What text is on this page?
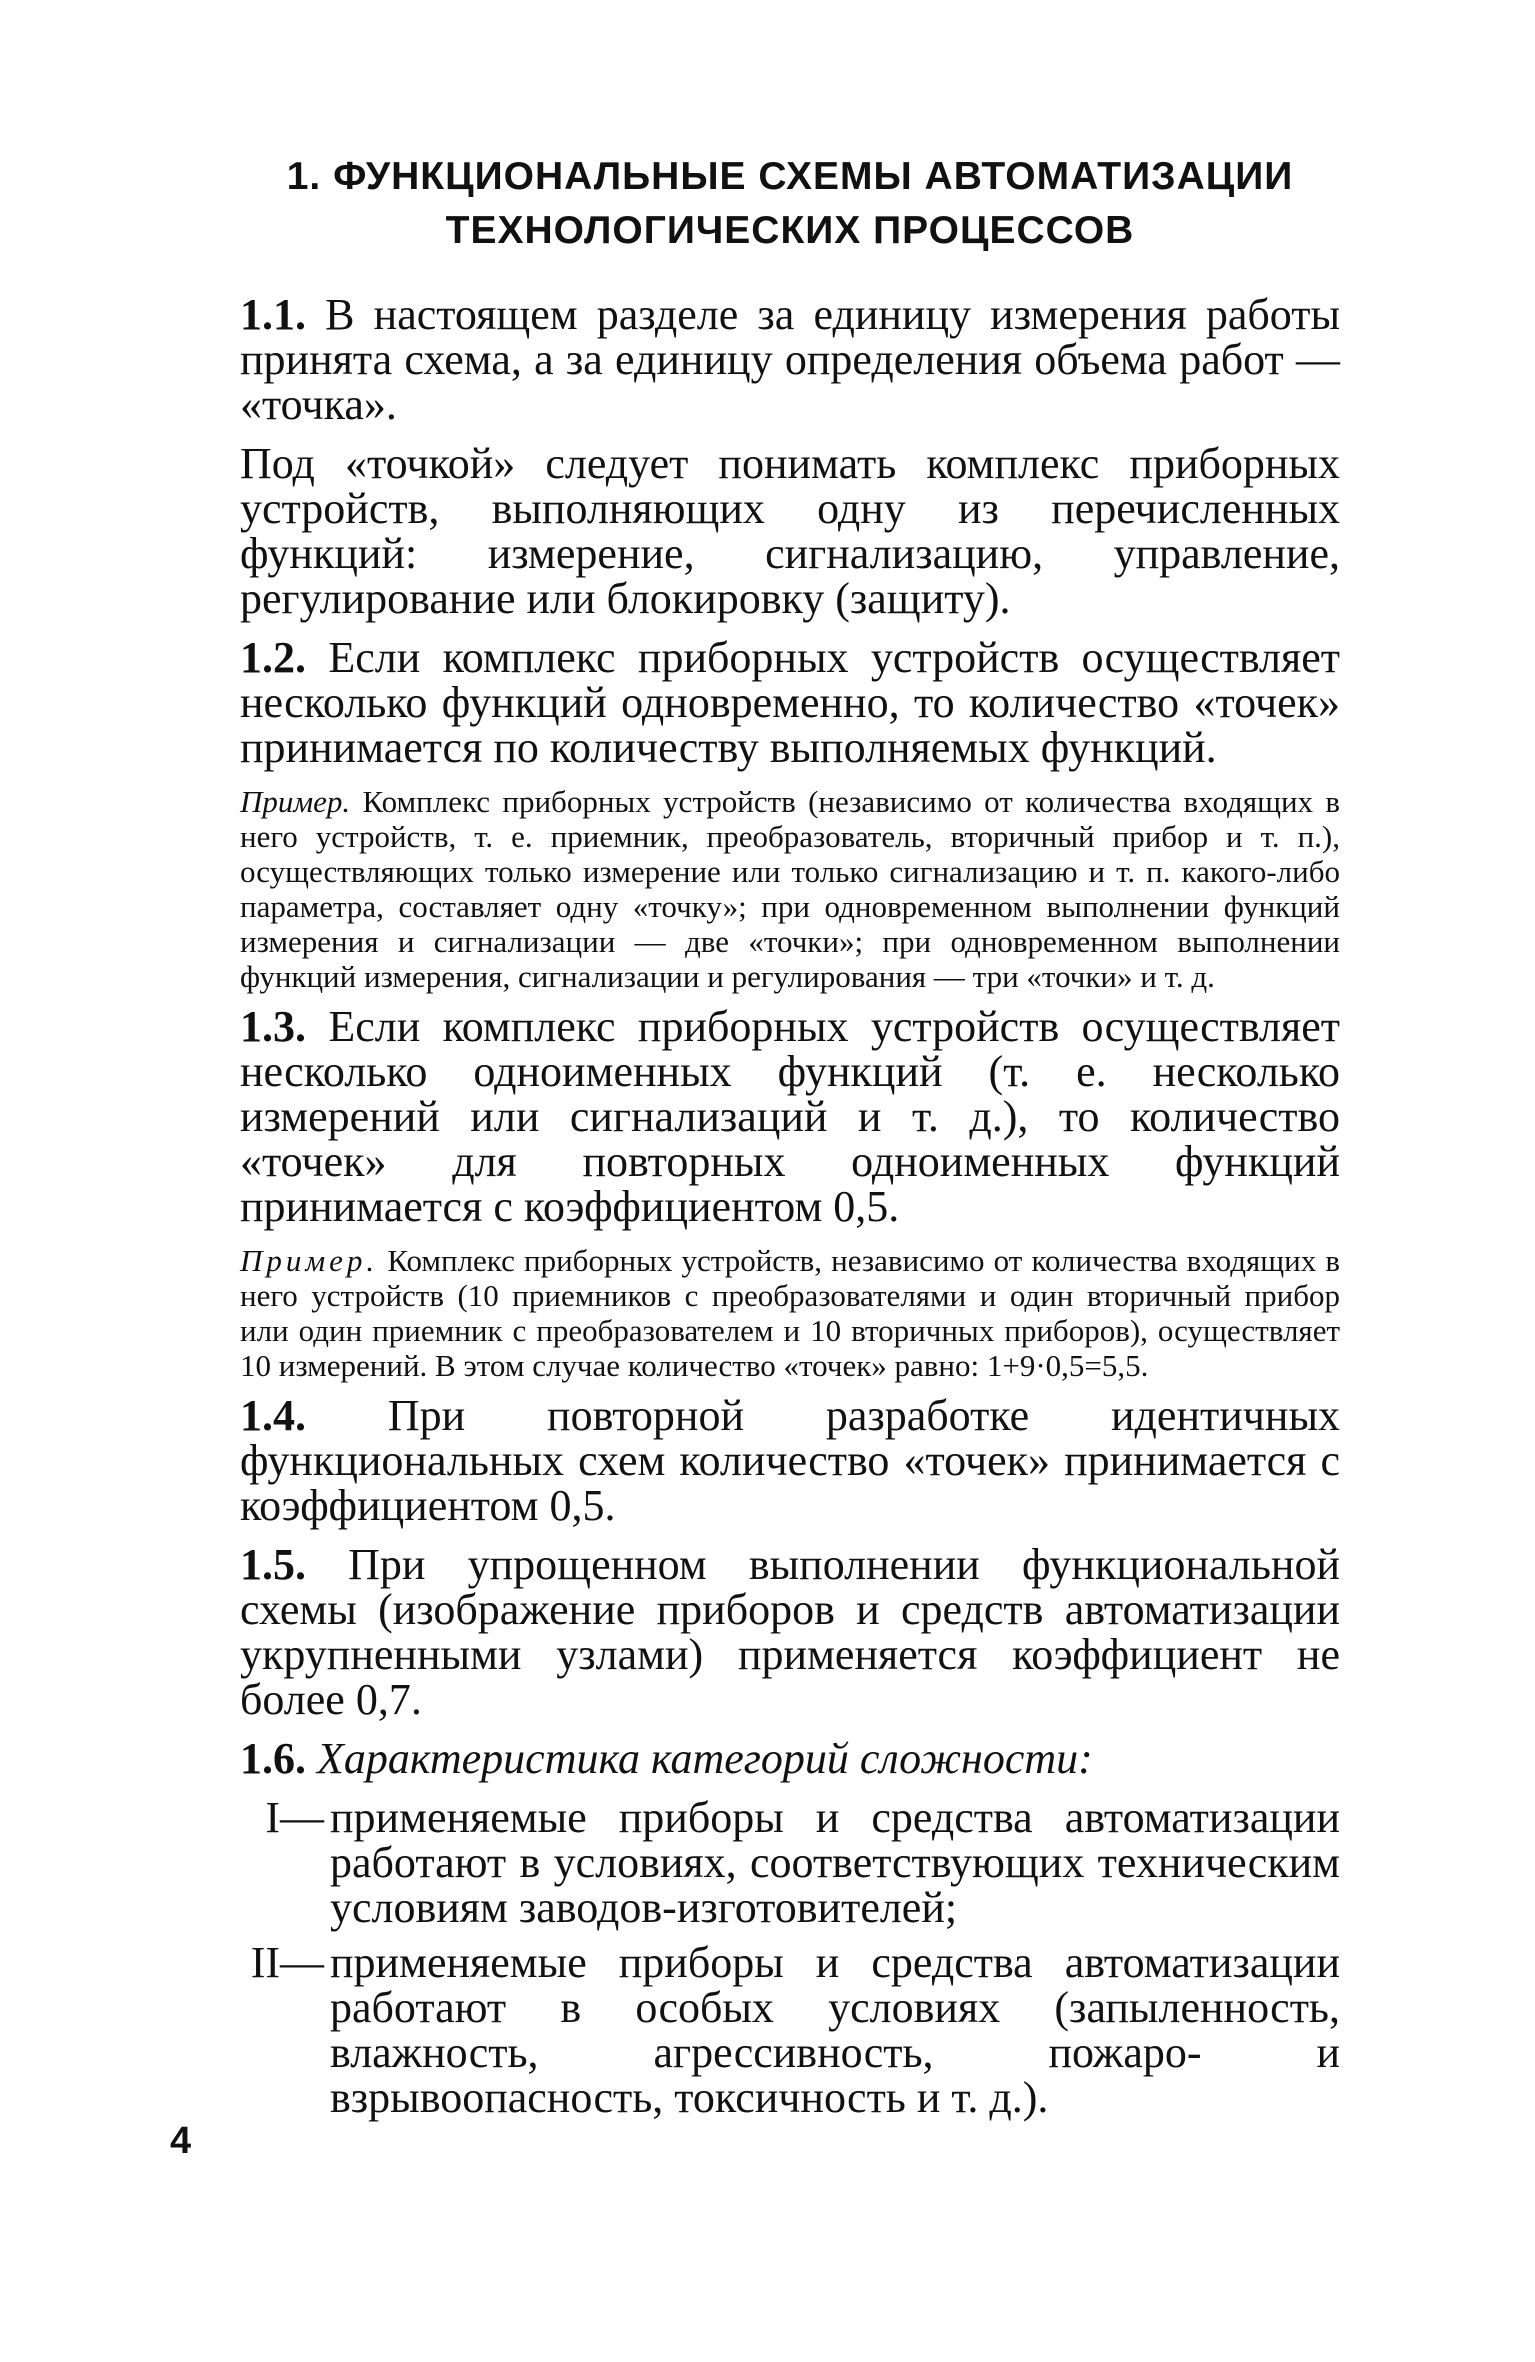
1. ФУНКЦИОНАЛЬНЫЕ СХЕМЫ АВТОМАТИЗАЦИИ
ТЕХНОЛОГИЧЕСКИХ ПРОЦЕССОВ

1.1. В настоящем разделе за единицу измерения работы принята схема, а за единицу определения объема работ — «точка».

Под «точкой» следует понимать комплекс приборных устройств, выполняющих одну из перечисленных функций: измерение, сигнализацию, управление, регулирование или блокировку (защиту).

1.2. Если комплекс приборных устройств осуществляет несколько функций одновременно, то количество «точек» принимается по количеству выполняемых функций.

Пример. Комплекс приборных устройств (независимо от количества входящих в него устройств, т. е. приемник, преобразователь, вторичный прибор и т. п.), осуществляющих только измерение или только сигнализацию и т. п. какого-либо параметра, составляет одну «точку»; при одновременном выполнении функций измерения и сигнализации — две «точки»; при одновременном выполнении функций измерения, сигнализации и регулирования — три «точки» и т. д.

1.3. Если комплекс приборных устройств осуществляет несколько одноименных функций (т. е. несколько измерений или сигнализаций и т. д.), то количество «точек» для повторных одноименных функций принимается с коэффициентом 0,5.

Пример. Комплекс приборных устройств, независимо от количества входящих в него устройств (10 приемников с преобразователями и один вторичный прибор или один приемник с преобразователем и 10 вторичных приборов), осуществляет 10 измерений. В этом случае количество «точек» равно: 1+9·0,5=5,5.

1.4. При повторной разработке идентичных функциональных схем количество «точек» принимается с коэффициентом 0,5.

1.5. При упрощенном выполнении функциональной схемы (изображение приборов и средств автоматизации укрупненными узлами) применяется коэффициент не более 0,7.

1.6. Характеристика категорий сложности:

I— применяемые приборы и средства автоматизации работают в условиях, соответствующих техническим условиям заводов-изготовителей;
II— применяемые приборы и средства автоматизации работают в особых условиях (запыленность, влажность, агрессивность, пожаро- и взрывоопасность, токсичность и т. д.).
4
